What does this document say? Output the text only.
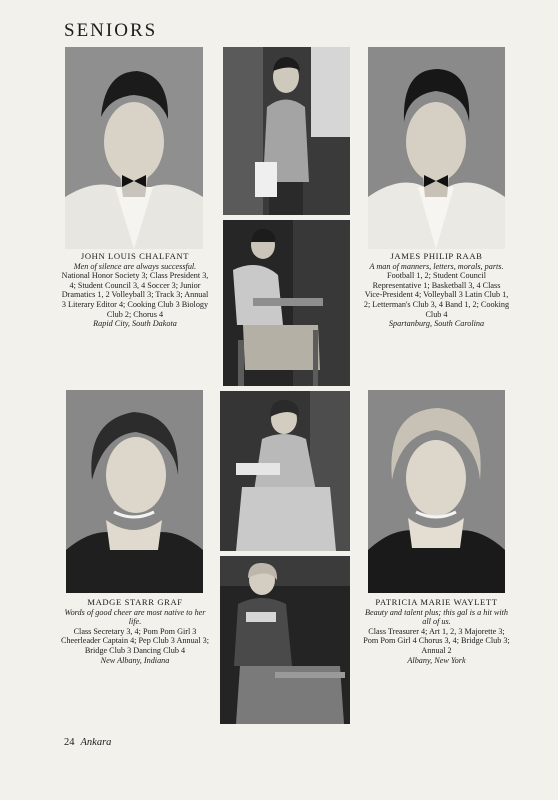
SENIORS
JOHN LOUIS CHALFANT
Men of silence are always successful.
National Honor Society 3; Class President 3, 4; Student Council 3, 4 Soccer 3; Junior Dramatics 1, 2 Volleyball 3; Track 3; Annual 3 Literary Editor 4; Cooking Club 3 Biology Club 2; Chorus 4
Rapid City, South Dakota
JAMES PHILIP RAAB
A man of manners, letters, morals, parts.
Football 1, 2; Student Council Representative 1; Basketball 3, 4 Class Vice-President 4; Volleyball 3 Latin Club 1, 2; Letterman's Club 3, 4 Band 1, 2; Cooking Club 4
Spartanburg, South Carolina
MADGE STARR GRAF
Words of good cheer are most native to her life.
Class Secretary 3, 4; Pom Pom Girl 3 Cheerleader Captain 4; Pep Club 3 Annual 3; Bridge Club 3 Dancing Club 4
New Albany, Indiana
PATRICIA MARIE WAYLETT
Beauty and talent plus; this gal is a hit with all of us.
Class Treasurer 4; Art 1, 2, 3 Majorette 3; Pom Pom Girl 4 Chorus 3, 4; Bridge Club 3; Annual 2
Albany, New York
24 Ankara
